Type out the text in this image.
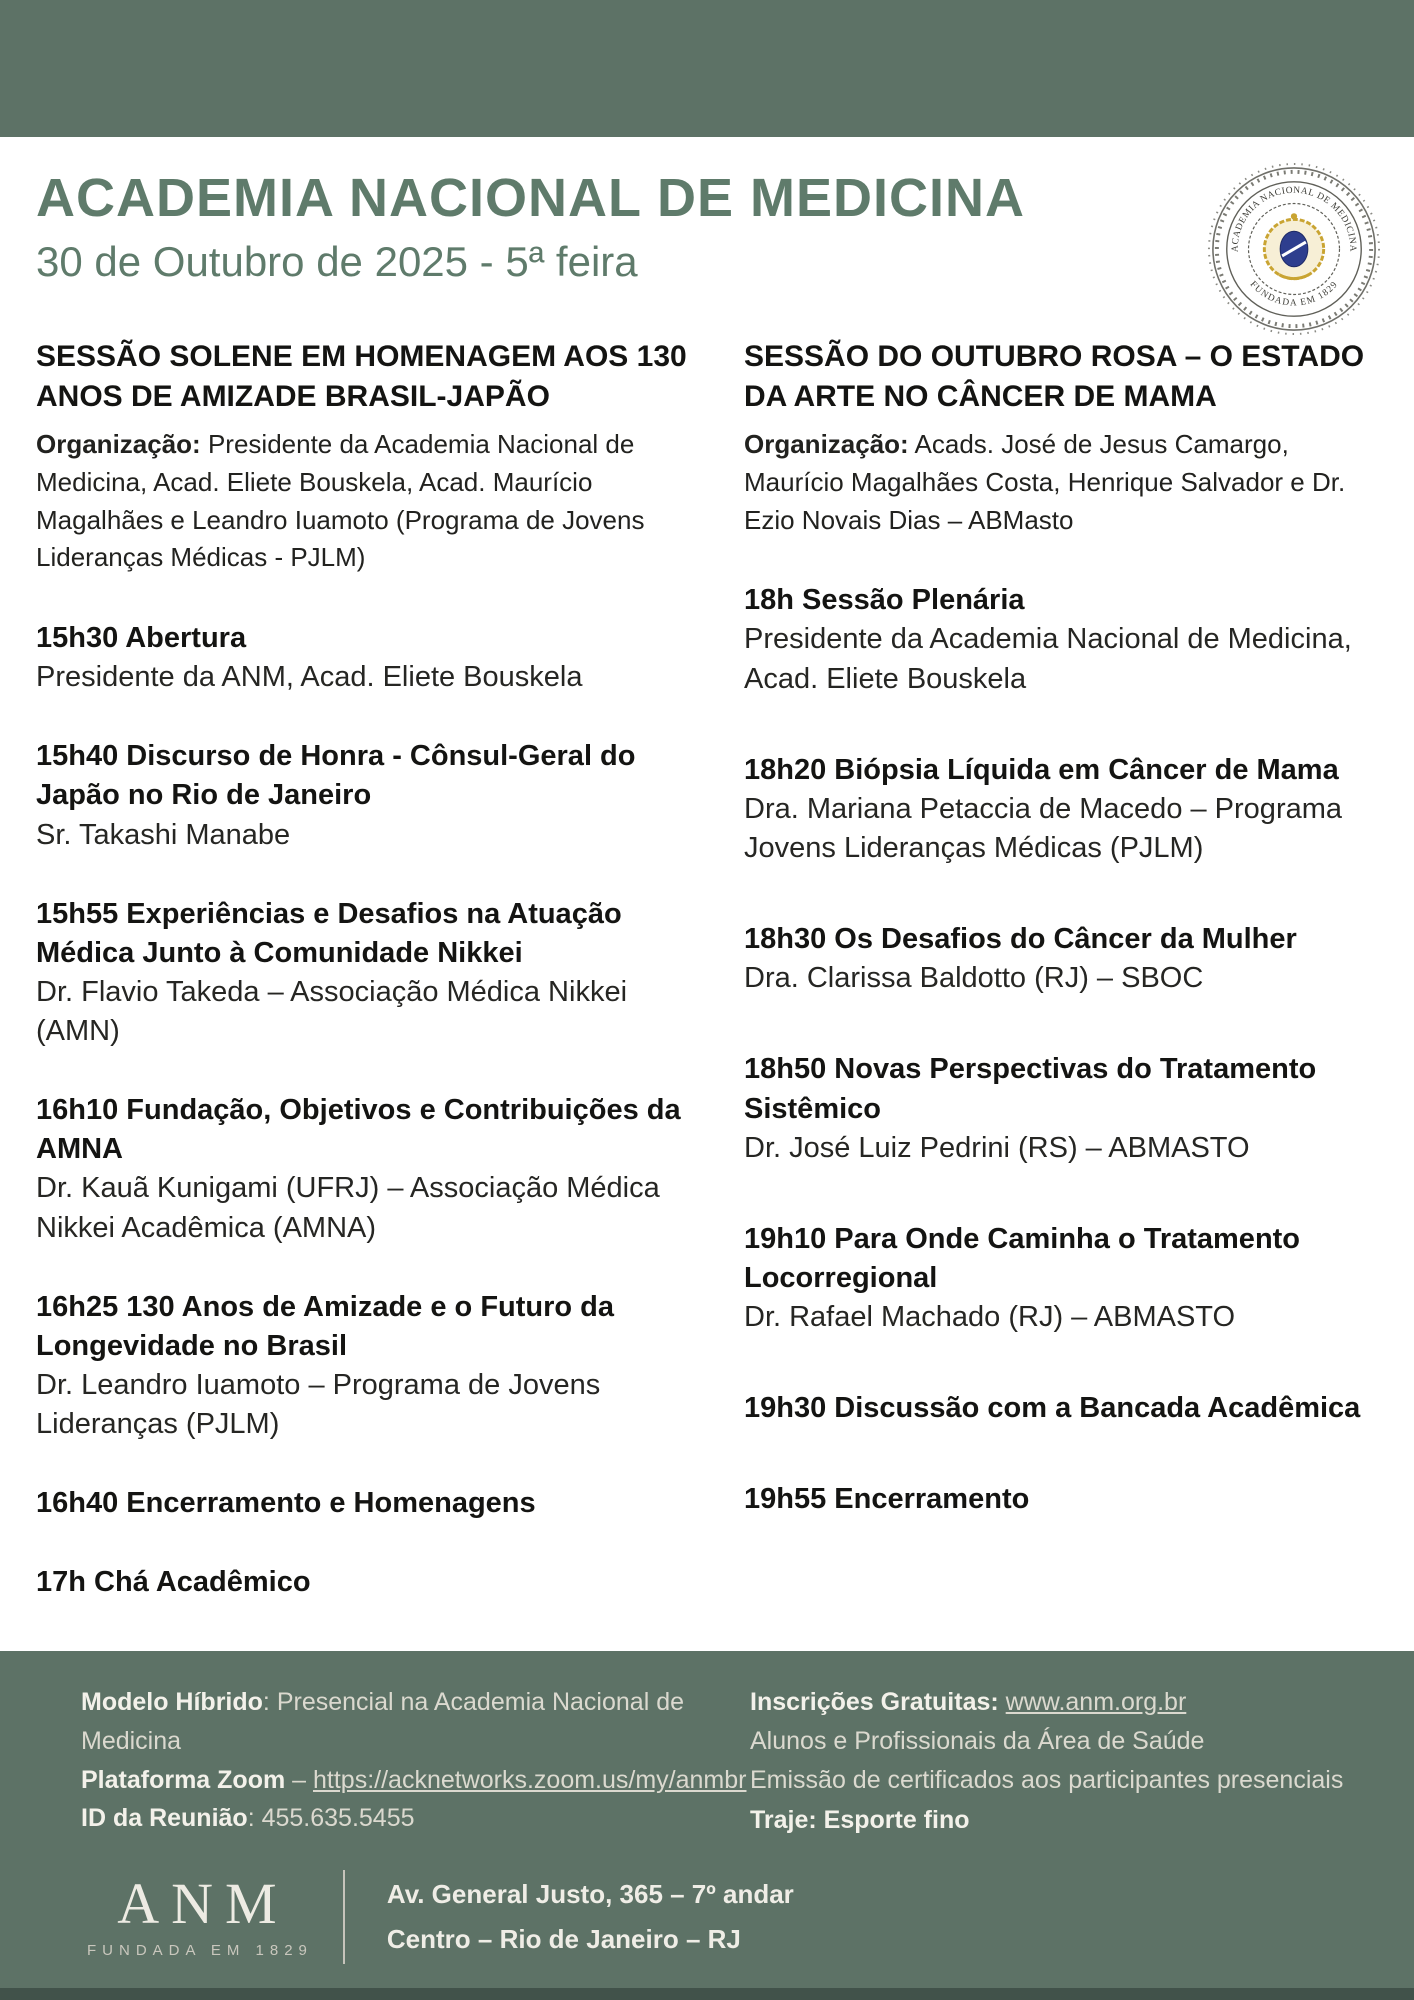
ACADEMIA NACIONAL DE MEDICINA
30 de Outubro de 2025 - 5ª feira	ACADEMIA NACIONAL DE MEDICINA
FUNDADA EM 1829
SESSÃO SOLENE EM HOMENAGEM AOS 130 ANOS DE AMIZADE BRASIL-JAPÃO

Organização: Presidente da Academia Nacional de Medicina, Acad. Eliete Bouskela, Acad. Maurício Magalhães e Leandro Iuamoto (Programa de Jovens Lideranças Médicas - PJLM)

15h30 Abertura
Presidente da ANM, Acad. Eliete Bouskela
15h40 Discurso de Honra - Cônsul-Geral do Japão no Rio de Janeiro
Sr. Takashi Manabe
15h55 Experiências e Desafios na Atuação Médica Junto à Comunidade Nikkei
Dr. Flavio Takeda – Associação Médica Nikkei (AMN)
16h10 Fundação, Objetivos e Contribuições da AMNA
Dr. Kauã Kunigami (UFRJ) – Associação Médica Nikkei Acadêmica (AMNA)
16h25 130 Anos de Amizade e o Futuro da Longevidade no Brasil
Dr. Leandro Iuamoto – Programa de Jovens Lideranças (PJLM)
16h40 Encerramento e Homenagens
17h Chá Acadêmico
SESSÃO DO OUTUBRO ROSA – O ESTADO DA ARTE NO CÂNCER DE MAMA

Organização: Acads. José de Jesus Camargo, Maurício Magalhães Costa, Henrique Salvador e Dr. Ezio Novais Dias – ABMasto

18h Sessão Plenária
Presidente da Academia Nacional de Medicina, Acad. Eliete Bouskela
18h20 Biópsia Líquida em Câncer de Mama
Dra. Mariana Petaccia de Macedo – Programa Jovens Lideranças Médicas (PJLM)
18h30 Os Desafios do Câncer da Mulher
Dra. Clarissa Baldotto (RJ) – SBOC
18h50 Novas Perspectivas do Tratamento Sistêmico
Dr. José Luiz Pedrini (RS) – ABMASTO
19h10 Para Onde Caminha o Tratamento Locorregional
Dr. Rafael Machado (RJ) – ABMASTO
19h30 Discussão com a Bancada Acadêmica
19h55 Encerramento
Modelo Híbrido: Presencial na Academia Nacional de Medicina
Plataforma Zoom – https://acknetworks.zoom.us/my/anmbr
ID da Reunião: 455.635.5455
Inscrições Gratuitas: www.anm.org.br
Alunos e Profissionais da Área de Saúde
Emissão de certificados aos participantes presenciais
Traje: Esporte fino
ANM
FUNDADA EM 1829
Av. General Justo, 365 – 7º andar
Centro – Rio de Janeiro – RJ
